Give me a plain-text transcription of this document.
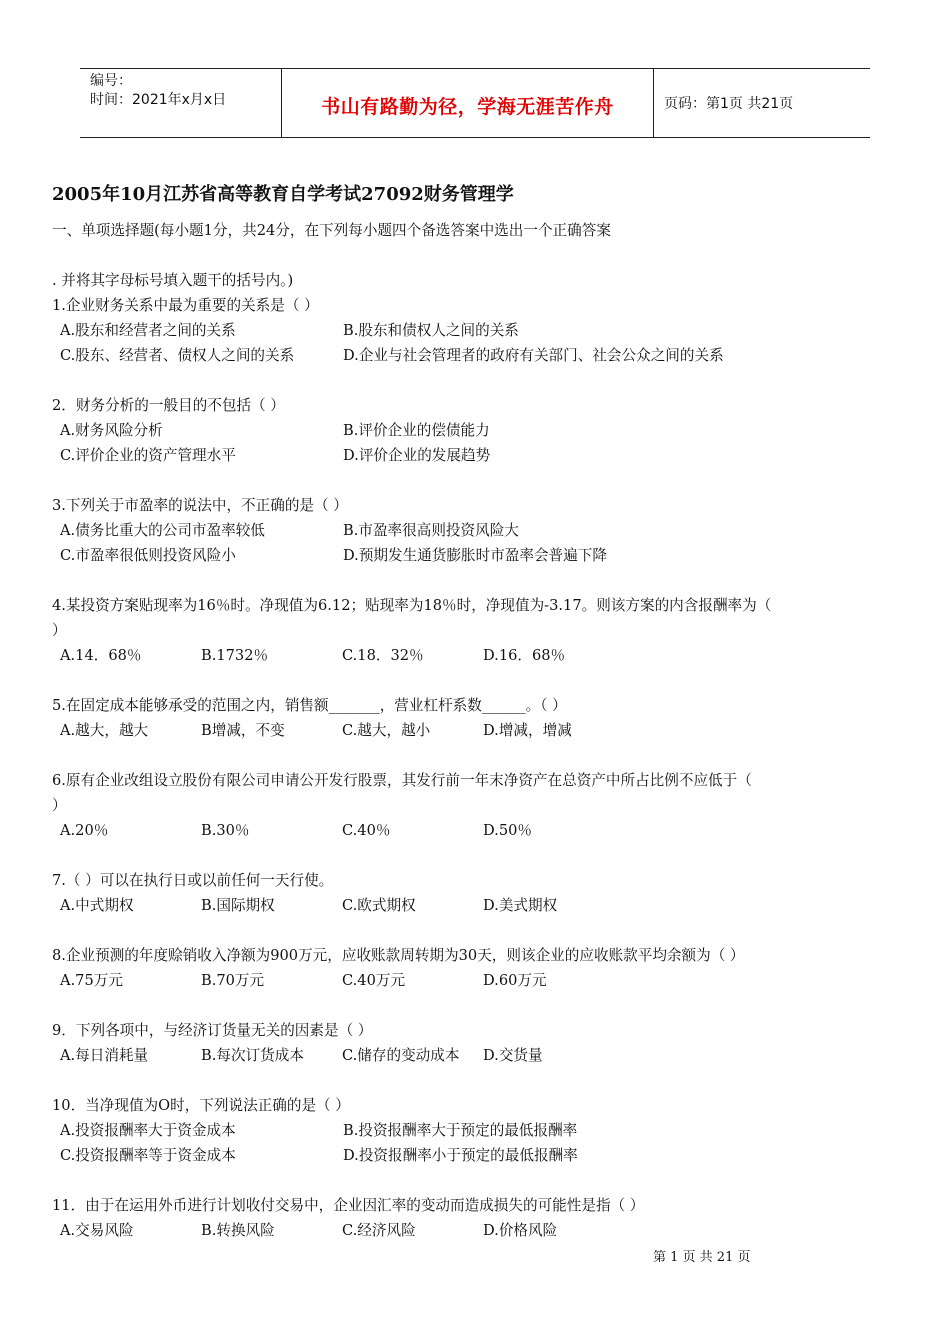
编号：
时间：2021年x月x日	书山有路勤为径，学海无涯苦作舟	页码：第1页 共21页
2005年10月江苏省高等教育自学考试27092财务管理学
一、单项选择题(每小题1分，共24分，在下列每小题四个备选答案中选出一个正确答案
. 并将其字母标号填入题干的括号内。)
1.企业财务关系中最为重要的关系是（ ）
A.股东和经营者之间的关系	B.股东和债权人之间的关系
C.股东、经营者、债权人之间的关系	D.企业与社会管理者的政府有关部门、社会公众之间的关系
2．财务分析的一般目的不包括（ ）
A.财务风险分析	B.评价企业的偿债能力
C.评价企业的资产管理水平	D.评价企业的发展趋势
3.下列关于市盈率的说法中，不正确的是（ ）
A.债务比重大的公司市盈率较低	B.市盈率很高则投资风险大
C.市盈率很低则投资风险小	D.预期发生通货膨胀时市盈率会普遍下降
4.某投资方案贴现率为16％时。净现值为6.12；贴现率为18％时，净现值为-3.17。则该方案的内含报酬率为（
）
A.14．68％	B.1732％	C.18．32％	D.16．68％
5.在固定成本能够承受的范围之内，销售额_______，营业杠杆系数______。（ ）
A.越大，越大	B增减，不变	C.越大，越小	D.增减，增减
6.原有企业改组设立股份有限公司申请公开发行股票，其发行前一年末净资产在总资产中所占比例不应低于（
）
A.20％	B.30％	C.40％	D.50％
7.（ ）可以在执行日或以前任何一天行使。
A.中式期权	B.国际期权	C.欧式期权	D.美式期权
8.企业预测的年度赊销收入净额为900万元，应收账款周转期为30天，则该企业的应收账款平均余额为（ ）
A.75万元	B.70万元	C.40万元	D.60万元
9．下列各项中，与经济订货量无关的因素是（ ）
A.每日消耗量	B.每次订货成本	C.储存的变动成本	D.交货量
10．当净现值为O时，下列说法正确的是（ ）
A.投资报酬率大于资金成本	B.投资报酬率大于预定的最低报酬率
C.投资报酬率等于资金成本	D.投资报酬率小于预定的最低报酬率
11．由于在运用外币进行计划收付交易中，企业因汇率的变动而造成损失的可能性是指（ ）
A.交易风险	B.转换风险	C.经济风险	D.价格风险
第 1 页 共 21 页
